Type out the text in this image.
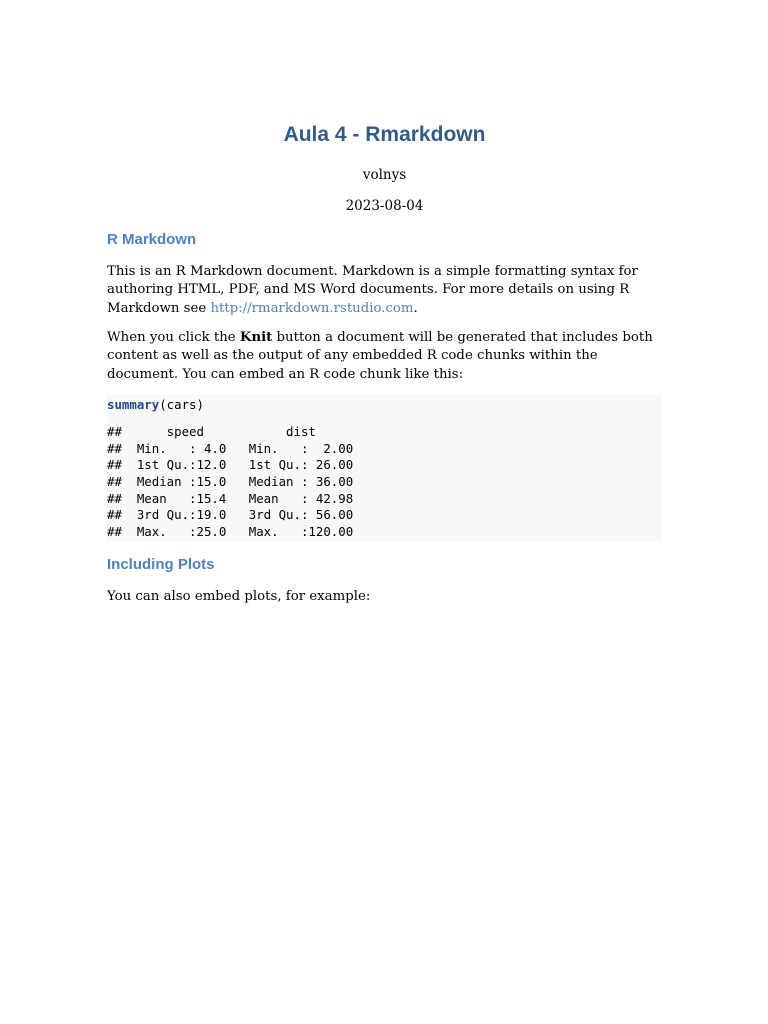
Aula 4 - Rmarkdown
volnys
2023-08-04
R Markdown

This is an R Markdown document. Markdown is a simple formatting syntax for authoring HTML, PDF, and MS Word documents. For more details on using R Markdown see http://rmarkdown.rstudio.com.

When you click the Knit button a document will be generated that includes both content as well as the output of any embedded R code chunks within the document. You can embed an R code chunk like this:

summary(cars)
##      speed           dist
##  Min.   : 4.0   Min.   :  2.00
##  1st Qu.:12.0   1st Qu.: 26.00
##  Median :15.0   Median : 36.00
##  Mean   :15.4   Mean   : 42.98
##  3rd Qu.:19.0   3rd Qu.: 56.00
##  Max.   :25.0   Max.   :120.00
Including Plots

You can also embed plots, for example:
